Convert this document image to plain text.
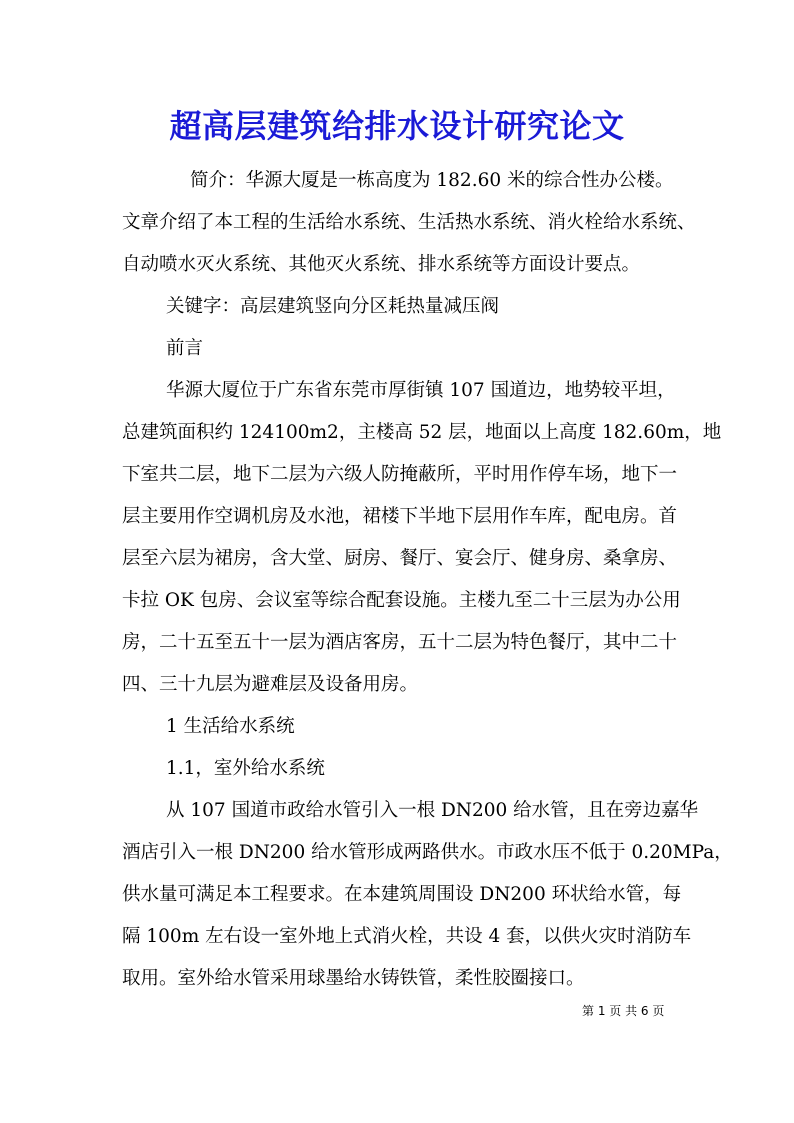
超高层建筑给排水设计研究论文
简介：华源大厦是一栋高度为 182.60 米的综合性办公楼。
文章介绍了本工程的生活给水系统、生活热水系统、消火栓给水系统、
自动喷水灭火系统、其他灭火系统、排水系统等方面设计要点。
关键字：高层建筑竖向分区耗热量减压阀
前言
华源大厦位于广东省东莞市厚街镇 107 国道边，地势较平坦，
总建筑面积约 124100m2，主楼高 52 层，地面以上高度 182.60m，地
下室共二层，地下二层为六级人防掩蔽所，平时用作停车场，地下一
层主要用作空调机房及水池，裙楼下半地下层用作车库，配电房。首
层至六层为裙房，含大堂、厨房、餐厅、宴会厅、健身房、桑拿房、
卡拉 OK 包房、会议室等综合配套设施。主楼九至二十三层为办公用
房，二十五至五十一层为酒店客房，五十二层为特色餐厅，其中二十
四、三十九层为避难层及设备用房。
1 生活给水系统
1.1，室外给水系统
从 107 国道市政给水管引入一根 DN200 给水管，且在旁边嘉华
酒店引入一根 DN200 给水管形成两路供水。市政水压不低于 0.20MPa，
供水量可满足本工程要求。在本建筑周围设 DN200 环状给水管，每
隔 100m 左右设一室外地上式消火栓，共设 4 套，以供火灾时消防车
取用。室外给水管采用球墨给水铸铁管，柔性胶圈接口。
第 1 页 共 6 页
